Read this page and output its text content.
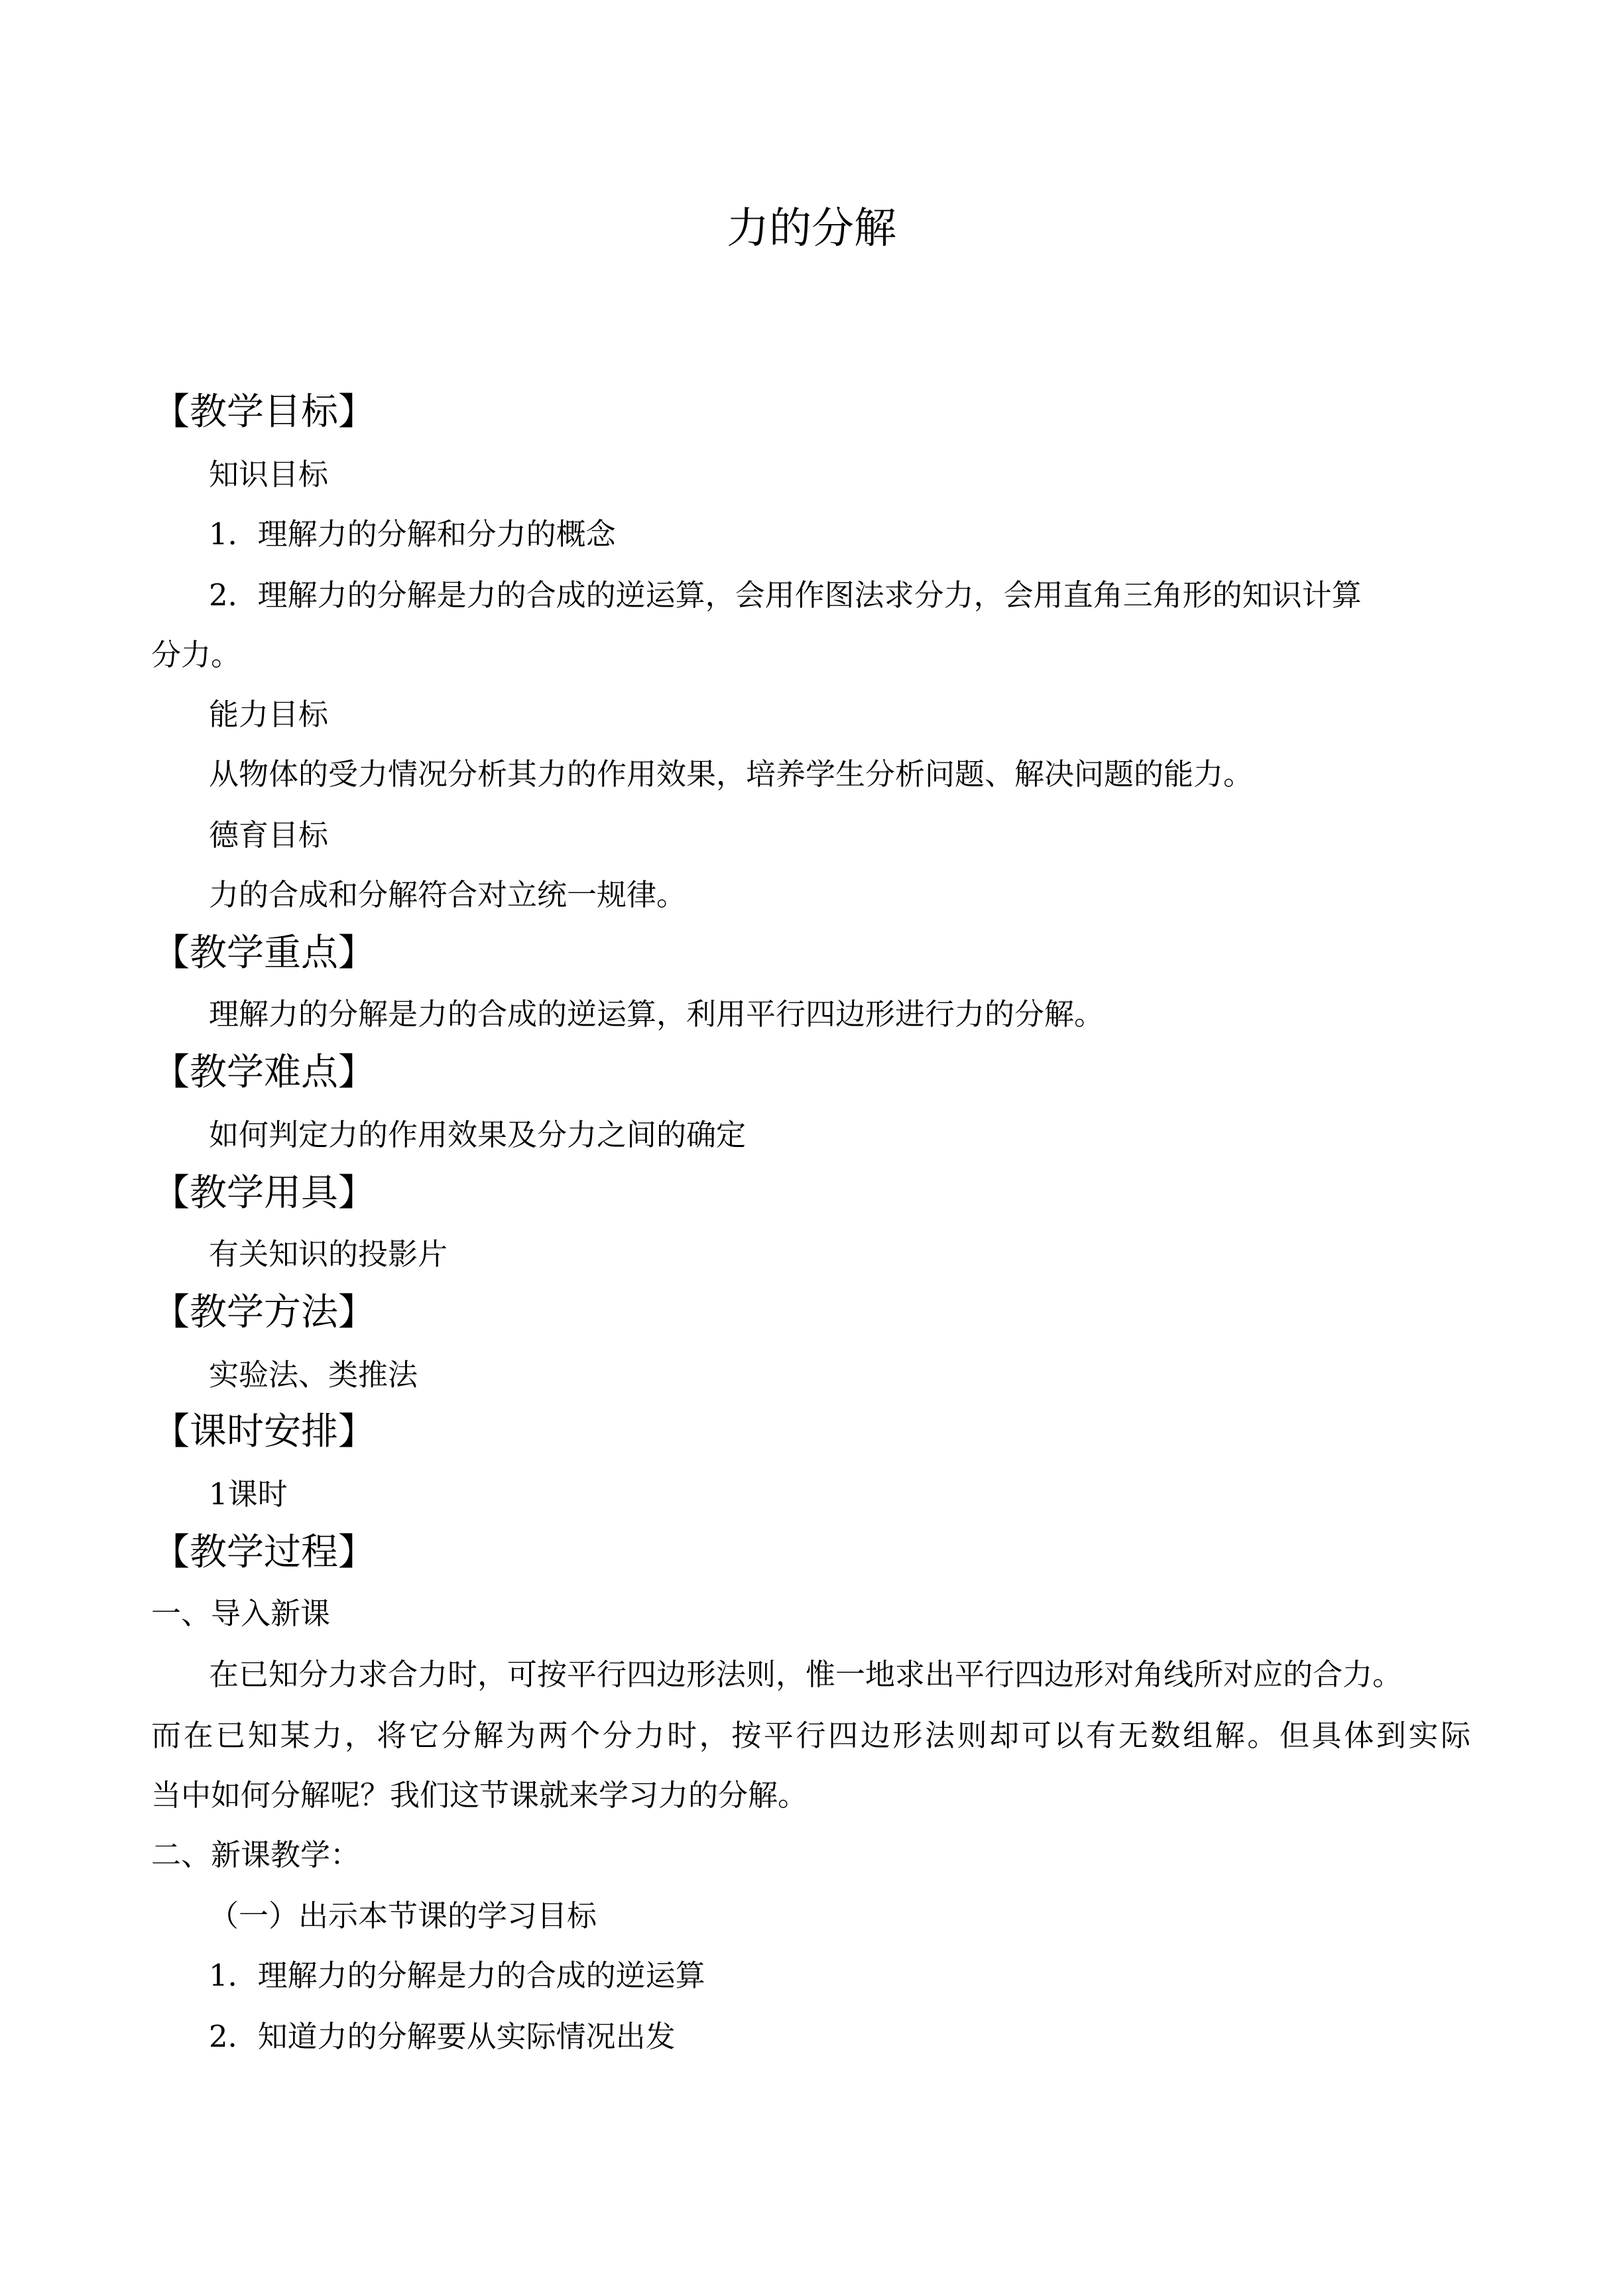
力的分解
【教学目标】
知识目标
1．理解力的分解和分力的概念
2．理解力的分解是力的合成的逆运算，会用作图法求分力，会用直角三角形的知识计算
分力。
能力目标
从物体的受力情况分析其力的作用效果，培养学生分析问题、解决问题的能力。
德育目标
力的合成和分解符合对立统一规律。
【教学重点】
理解力的分解是力的合成的逆运算，利用平行四边形进行力的分解。
【教学难点】
如何判定力的作用效果及分力之间的确定
【教学用具】
有关知识的投影片
【教学方法】
实验法、类推法
【课时安排】
1课时
【教学过程】
一、导入新课
在已知分力求合力时，可按平行四边形法则，惟一地求出平行四边形对角线所对应的合力。
而在已知某力，将它分解为两个分力时，按平行四边形法则却可以有无数组解。但具体到实际
当中如何分解呢？我们这节课就来学习力的分解。
二、新课教学：
（一）出示本节课的学习目标
1．理解力的分解是力的合成的逆运算
2．知道力的分解要从实际情况出发
